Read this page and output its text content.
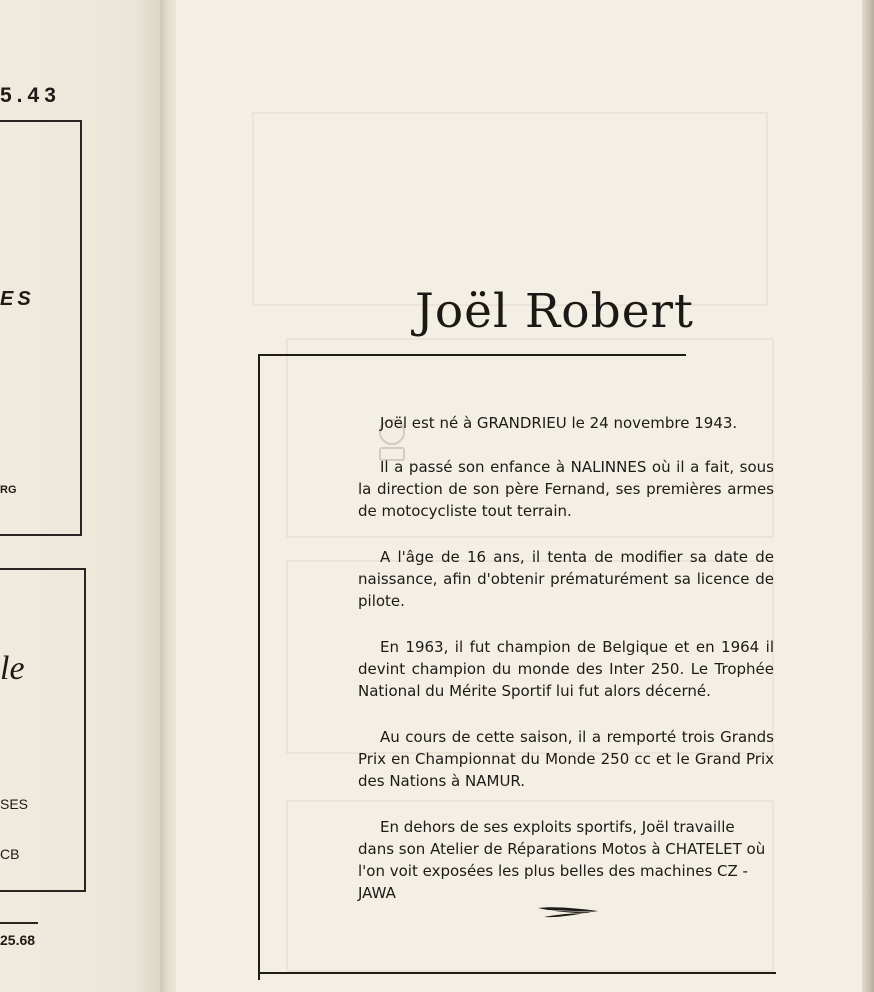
5.43
ES
RG
le
SES
CB
25.68
Joël Robert

Joël est né à GRANDRIEU le 24 novembre 1943.

Il a passé son enfance à NALINNES où il a fait, sous la direction de son père Fernand, ses premières armes de motocycliste tout terrain.

A l'âge de 16 ans, il tenta de modifier sa date de naissance, afin d'obtenir prématurément sa licence de pilote.

En 1963, il fut champion de Belgique et en 1964 il devint champion du monde des Inter 250. Le Trophée National du Mérite Sportif lui fut alors décerné.

Au cours de cette saison, il a remporté trois Grands Prix en Championnat du Monde 250 cc et le Grand Prix des Nations à NAMUR.

En dehors de ses exploits sportifs, Joël travaille dans son Atelier de Réparations Motos à CHATELET où l'on voit exposées les plus belles des machines CZ - JAWA
